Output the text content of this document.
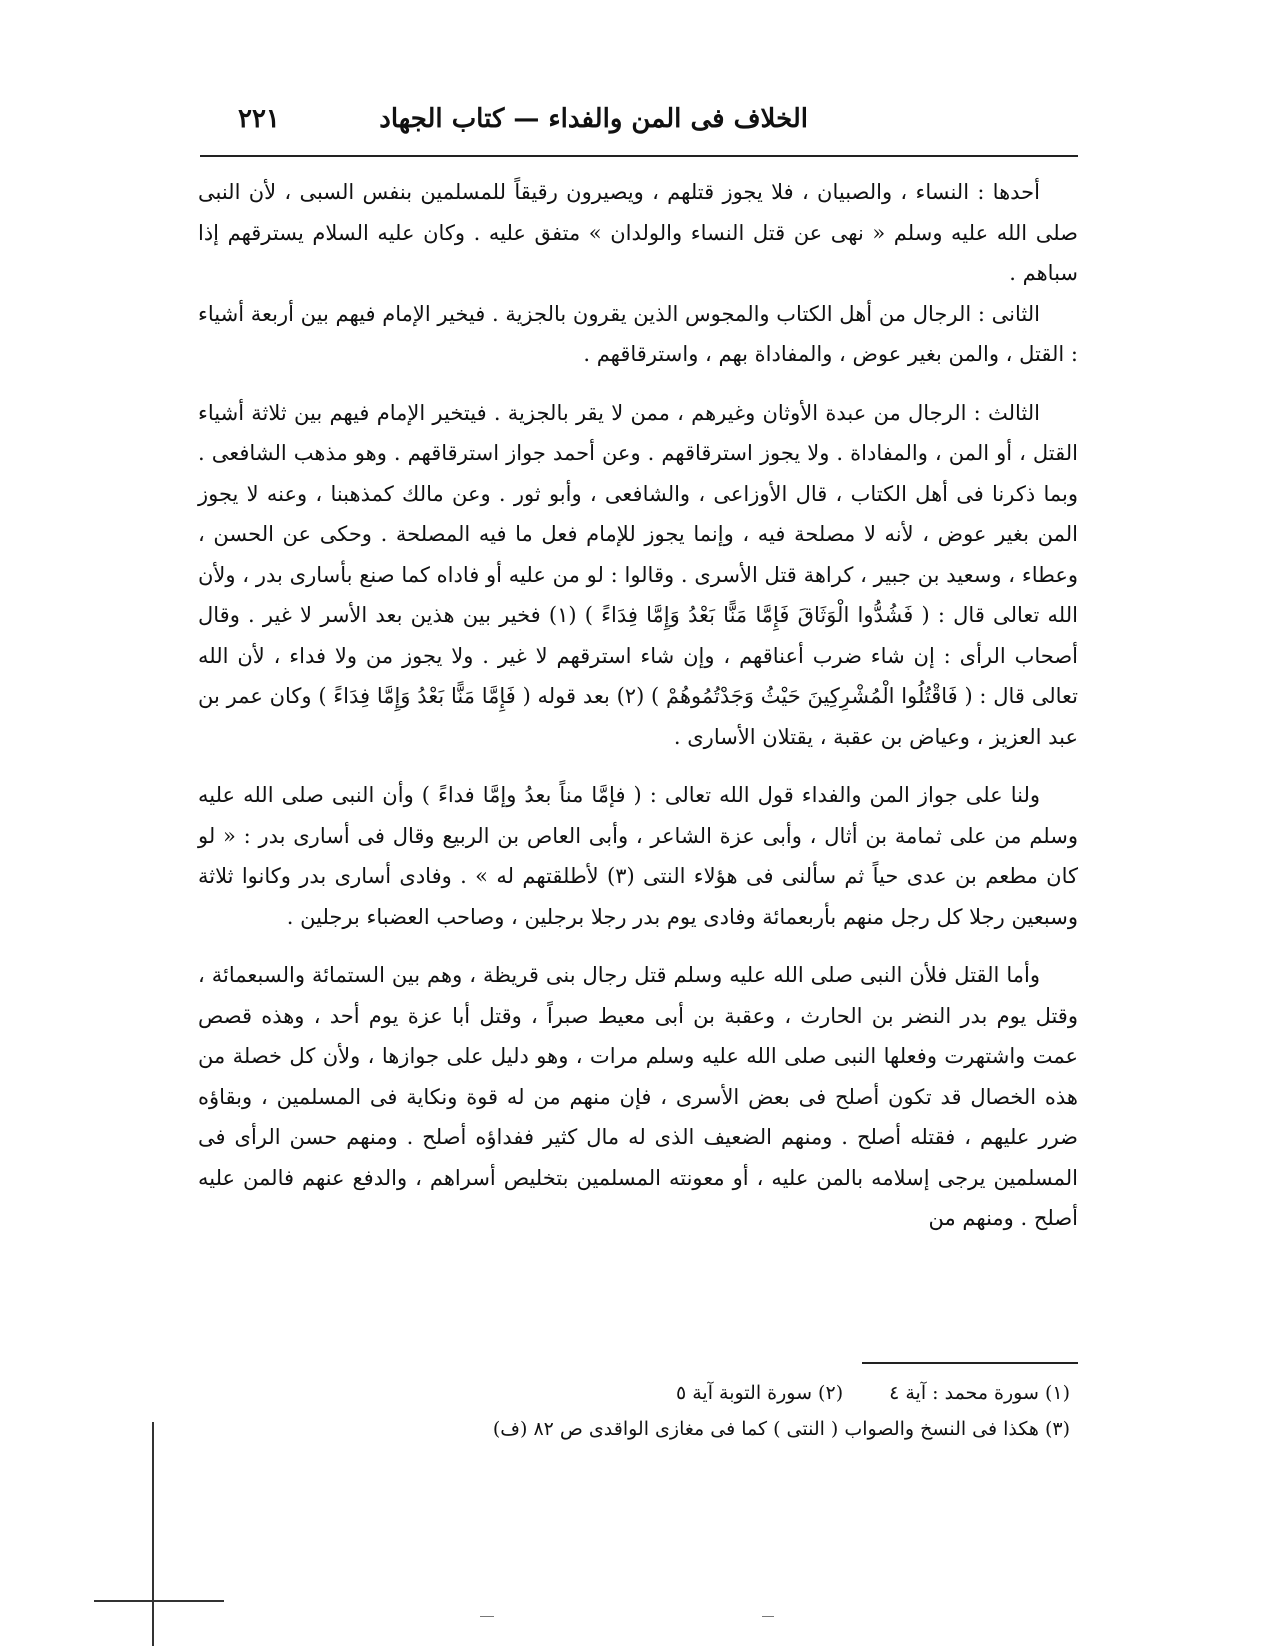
الخلاف فى المن والفداء — كتاب الجهاد
٢٢١

أحدها : النساء ، والصبيان ، فلا يجوز قتلهم ، ويصيرون رقيقاً للمسلمين بنفس السبى ، لأن النبى صلى الله عليه وسلم « نهى عن قتل النساء والولدان » متفق عليه . وكان عليه السلام يسترقهم إذا سباهم .

الثانى : الرجال من أهل الكتاب والمجوس الذين يقرون بالجزية . فيخير الإمام فيهم بين أربعة أشياء : القتل ، والمن بغير عوض ، والمفاداة بهم ، واسترقاقهم .

الثالث : الرجال من عبدة الأوثان وغيرهم ، ممن لا يقر بالجزية . فيتخير الإمام فيهم بين ثلاثة أشياء القتل ، أو المن ، والمفاداة . ولا يجوز استرقاقهم . وعن أحمد جواز استرقاقهم . وهو مذهب الشافعى . وبما ذكرنا فى أهل الكتاب ، قال الأوزاعى ، والشافعى ، وأبو ثور . وعن مالك كمذهبنا ، وعنه لا يجوز المن بغير عوض ، لأنه لا مصلحة فيه ، وإنما يجوز للإمام فعل ما فيه المصلحة . وحكى عن الحسن ، وعطاء ، وسعيد بن جبير ، كراهة قتل الأسرى . وقالوا : لو من عليه أو فاداه كما صنع بأسارى بدر ، ولأن الله تعالى قال : ( فَشُدُّوا الْوَثَاقَ فَإِمَّا مَنًّا بَعْدُ وَإِمَّا فِدَاءً ) (١) فخير بين هذين بعد الأسر لا غير . وقال أصحاب الرأى : إن شاء ضرب أعناقهم ، وإن شاء استرقهم لا غير . ولا يجوز من ولا فداء ، لأن الله تعالى قال : ( فَاقْتُلُوا الْمُشْرِكِينَ حَيْثُ وَجَدْتُمُوهُمْ ) (٢) بعد قوله ( فَإِمَّا مَنًّا بَعْدُ وَإِمَّا فِدَاءً ) وكان عمر بن عبد العزيز ، وعياض بن عقبة ، يقتلان الأسارى .

ولنا على جواز المن والفداء قول الله تعالى : ( فإمَّا مناً بعدُ وإمَّا فداءً ) وأن النبى صلى الله عليه وسلم من على ثمامة بن أثال ، وأبى عزة الشاعر ، وأبى العاص بن الربيع وقال فى أسارى بدر : « لو كان مطعم بن عدى حياً ثم سألنى فى هؤلاء النتى (٣) لأطلقتهم له » . وفادى أسارى بدر وكانوا ثلاثة وسبعين رجلا كل رجل منهم بأربعمائة وفادى يوم بدر رجلا برجلين ، وصاحب العضباء برجلين .

وأما القتل فلأن النبى صلى الله عليه وسلم قتل رجال بنى قريظة ، وهم بين الستمائة والسبعمائة ، وقتل يوم بدر النضر بن الحارث ، وعقبة بن أبى معيط صبراً ، وقتل أبا عزة يوم أحد ، وهذه قصص عمت واشتهرت وفعلها النبى صلى الله عليه وسلم مرات ، وهو دليل على جوازها ، ولأن كل خصلة من هذه الخصال قد تكون أصلح فى بعض الأسرى ، فإن منهم من له قوة ونكاية فى المسلمين ، وبقاؤه ضرر عليهم ، فقتله أصلح . ومنهم الضعيف الذى له مال كثير ففداؤه أصلح . ومنهم حسن الرأى فى المسلمين يرجى إسلامه بالمن عليه ، أو معونته المسلمين بتخليص أسراهم ، والدفع عنهم فالمن عليه أصلح . ومنهم من

(١) سورة محمد : آية ٤
(٢) سورة التوبة آية ٥
(٣) هكذا فى النسخ والصواب ( النتى ) كما فى مغازى الواقدى ص ٨٢ (ف)
